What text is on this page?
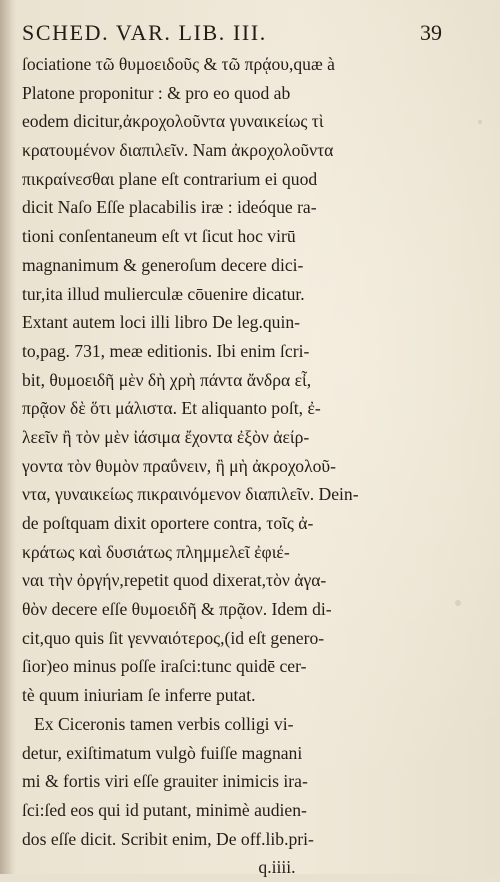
SCHED. VAR. LIB. III.	39
ſociatione τῶ θυμοειδοῦς & τῶ πρᾴου,quæ à
Platone proponitur : & pro eo quod ab
eodem dicitur,ἀκροχολοῦντα γυναικείως τὶ
κρατουμένον διαπιλεῖν. Nam ἀκροχολοῦντα
πικραίνεσθαι plane eſt contrarium ei quod
dicit Naſo Eſſe placabilis iræ : ideóque ra-
tioni conſentaneum eſt vt ſicut hoc virū
magnanimum & generoſum decere dici-
tur,ita illud mulierculæ cōuenire dicatur.
Extant autem loci illi libro De leg.quin-
to,pag. 731, meæ editionis. Ibi enim ſcri-
bit, θυμοειδῆ μὲν δὴ χρὴ πάντα ἄνδρα εἶ,
πρᾷον δὲ ὅτι μάλιστα. Et aliquanto poſt, ἐ-
λεεῖν ἢ τὸν μὲν ἰάσιμα ἔχοντα ἐξὸν ἀείρ-
γοντα τὸν θυμὸν πραΰνειν, ἢ μὴ ἀκροχολοῦ-
ντα, γυναικείως πικραινόμενον διαπιλεῖν. Dein-
de poſtquam dixit oportere contra, τοῖς ἀ-
κράτως καὶ δυσιάτως πλημμελεῖ ἐφιέ-
ναι τὴν ὀργήν,repetit quod dixerat,τὸν ἀγα-
θὸν decere eſſe θυμοειδῆ & πρᾷον. Idem di-
cit,quo quis ſit γενναιότερος,(id eſt genero-
ſior)eo minus poſſe iraſci:tunc quidē cer-
tè quum iniuriam ſe inferre putat.
Ex Ciceronis tamen verbis colligi vi-
detur, exiſtimatum vulgò fuiſſe magnani
mi & fortis viri eſſe grauiter inimicis ira-
ſci:ſed eos qui id putant, minimè audien-
dos eſſe dicit. Scribit enim, De off.lib.pri-
q.iiii.
